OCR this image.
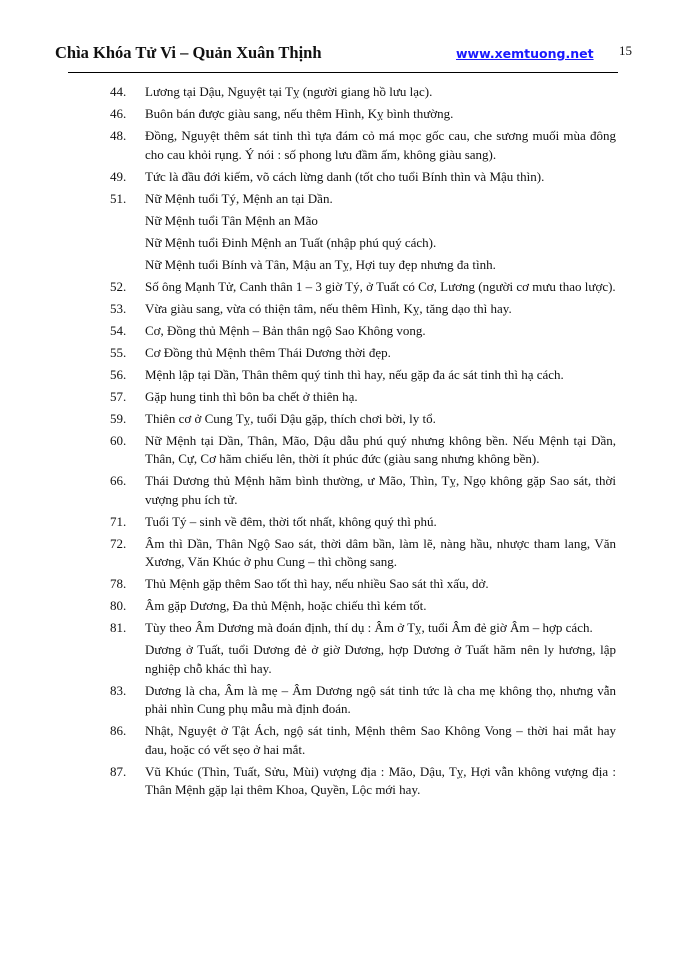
Chìa Khóa Tử Vi – Quản Xuân Thịnh	www.xemtuong.net 15
44.	Lương tại Dậu, Nguyệt tại Tỵ (người giang hồ lưu lạc).
46.	Buôn bán được giàu sang, nếu thêm Hình, Kỵ bình thường.
48.	Đồng, Nguyệt thêm sát tinh thì tựa đám cỏ má mọc gốc cau, che sương muối mùa đông cho cau khỏi rụng. Ý nói : số phong lưu đầm ấm, không giàu sang).
49.	Tức là đầu đới kiếm, võ cách lừng danh (tốt cho tuổi Bính thìn và Mậu thìn).
51.	Nữ Mệnh tuổi Tý, Mệnh an tại Dần.
Nữ Mệnh tuổi Tân Mệnh an Mão
Nữ Mệnh tuổi Đinh Mệnh an Tuất (nhập phú quý cách).
Nữ Mệnh tuổi Bính và Tân, Mậu an Tỵ, Hợi tuy đẹp nhưng đa tình.
52.	Số ông Mạnh Tử, Canh thân 1 – 3 giờ Tý, ở Tuất có Cơ, Lương (người cơ mưu thao lược).
53.	Vừa giàu sang, vừa có thiện tâm, nếu thêm Hình, Kỵ, tăng dạo thì hay.
54.	Cơ, Đồng thủ Mệnh – Bản thân ngộ Sao Không vong.
55.	Cơ Đồng thủ Mệnh thêm Thái Dương thời đẹp.
56.	Mệnh lập tại Dần, Thân thêm quý tinh thì hay, nếu gặp đa ác sát tinh thì hạ cách.
57.	Gặp hung tinh thì bôn ba chết ở thiên hạ.
59.	Thiên cơ ở Cung Tỵ, tuổi Dậu gặp, thích chơi bời, ly tổ.
60.	Nữ Mệnh tại Dần, Thân, Mão, Dậu dẫu phú quý nhưng không bền. Nếu Mệnh tại Dần, Thân, Cự, Cơ hãm chiếu lên, thời ít phúc đức (giàu sang nhưng không bền).
66.	Thái Dương thủ Mệnh hãm bình thường, ư Mão, Thìn, Tỵ, Ngọ không gặp Sao sát, thời vượng phu ích tử.
71.	Tuổi Tý – sinh về đêm, thời tốt nhất, không quý thì phú.
72.	Âm thì Dần, Thân Ngộ Sao sát, thời dâm bần, làm lẽ, nàng hầu, nhược tham lang, Văn Xương, Văn Khúc ở phu Cung – thì chồng sang.
78.	Thủ Mệnh gặp thêm Sao tốt thì hay, nếu nhiều Sao sát thì xấu, dở.
80.	Âm gặp Dương, Đa thủ Mệnh, hoặc chiếu thì kém tốt.
81.	Tùy theo Âm Dương mà đoán định, thí dụ : Âm ở Tỵ, tuổi Âm đẻ giờ Âm – hợp cách.
Dương ở Tuất, tuổi Dương đẻ ở giờ Dương, hợp Dương ở Tuất hãm nên ly hương, lập nghiệp chỗ khác thì hay.
83.	Dương là cha, Âm là mẹ – Âm Dương ngộ sát tinh tức là cha mẹ không thọ, nhưng vẫn phải nhìn Cung phụ mẫu mà định đoán.
86.	Nhật, Nguyệt ở Tật Ách, ngộ sát tinh, Mệnh thêm Sao Không Vong – thời hai mắt hay đau, hoặc có vết sẹo ở hai mắt.
87.	Vũ Khúc (Thìn, Tuất, Sửu, Mùi) vượng địa : Mão, Dậu, Tỵ, Hợi vẫn không vượng địa : Thân Mệnh gặp lại thêm Khoa, Quyền, Lộc mới hay.
